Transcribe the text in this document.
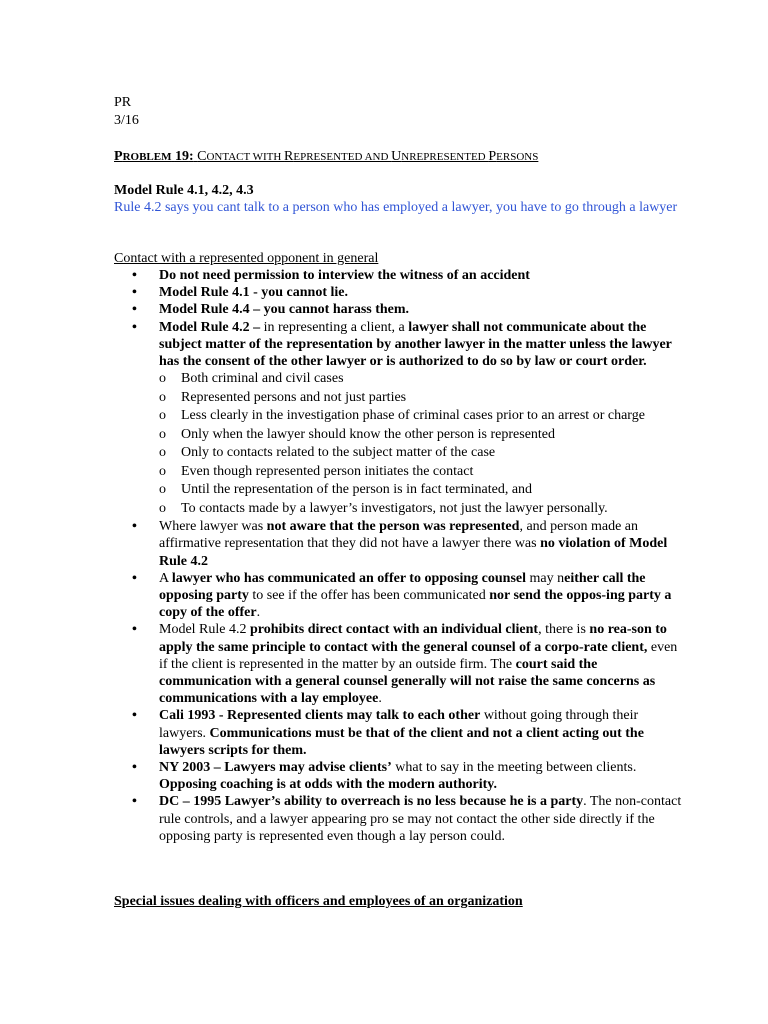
PR
3/16
PROBLEM 19: CONTACT WITH REPRESENTED AND UNREPRESENTED PERSONS
Model Rule 4.1, 4.2, 4.3
Rule 4.2 says you cant talk to a person who has employed a lawyer, you have to go through a lawyer
Contact with a represented opponent in general
• Do not need permission to interview the witness of an accident
• Model Rule 4.1 - you cannot lie.
• Model Rule 4.4 – you cannot harass them.
• Model Rule 4.2 – in representing a client, a lawyer shall not communicate about the subject matter of the representation by another lawyer in the matter unless the lawyer has the consent of the other lawyer or is authorized to do so by law or court order.
o Both criminal and civil cases
o Represented persons and not just parties
o Less clearly in the investigation phase of criminal cases prior to an arrest or charge
o Only when the lawyer should know the other person is represented
o Only to contacts related to the subject matter of the case
o Even though represented person initiates the contact
o Until the representation of the person is in fact terminated, and
o To contacts made by a lawyer’s investigators, not just the lawyer personally.
• Where lawyer was not aware that the person was represented, and person made an affirmative representation that they did not have a lawyer there was no violation of Model Rule 4.2
• A lawyer who has communicated an offer to opposing counsel may neither call the opposing party to see if the offer has been communicated nor send the oppos-ing party a copy of the offer.
• Model Rule 4.2 prohibits direct contact with an individual client, there is no rea-son to apply the same principle to contact with the general counsel of a corpo-rate client, even if the client is represented in the matter by an outside firm. The court said the communication with a general counsel generally will not raise the same concerns as communications with a lay employee.
• Cali 1993 - Represented clients may talk to each other without going through their lawyers. Communications must be that of the client and not a client acting out the lawyers scripts for them.
• NY 2003 – Lawyers may advise clients’ what to say in the meeting between clients. Opposing coaching is at odds with the modern authority.
• DC – 1995 Lawyer’s ability to overreach is no less because he is a party. The non-contact rule controls, and a lawyer appearing pro se may not contact the other side directly if the opposing party is represented even though a lay person could.
Special issues dealing with officers and employees of an organization
